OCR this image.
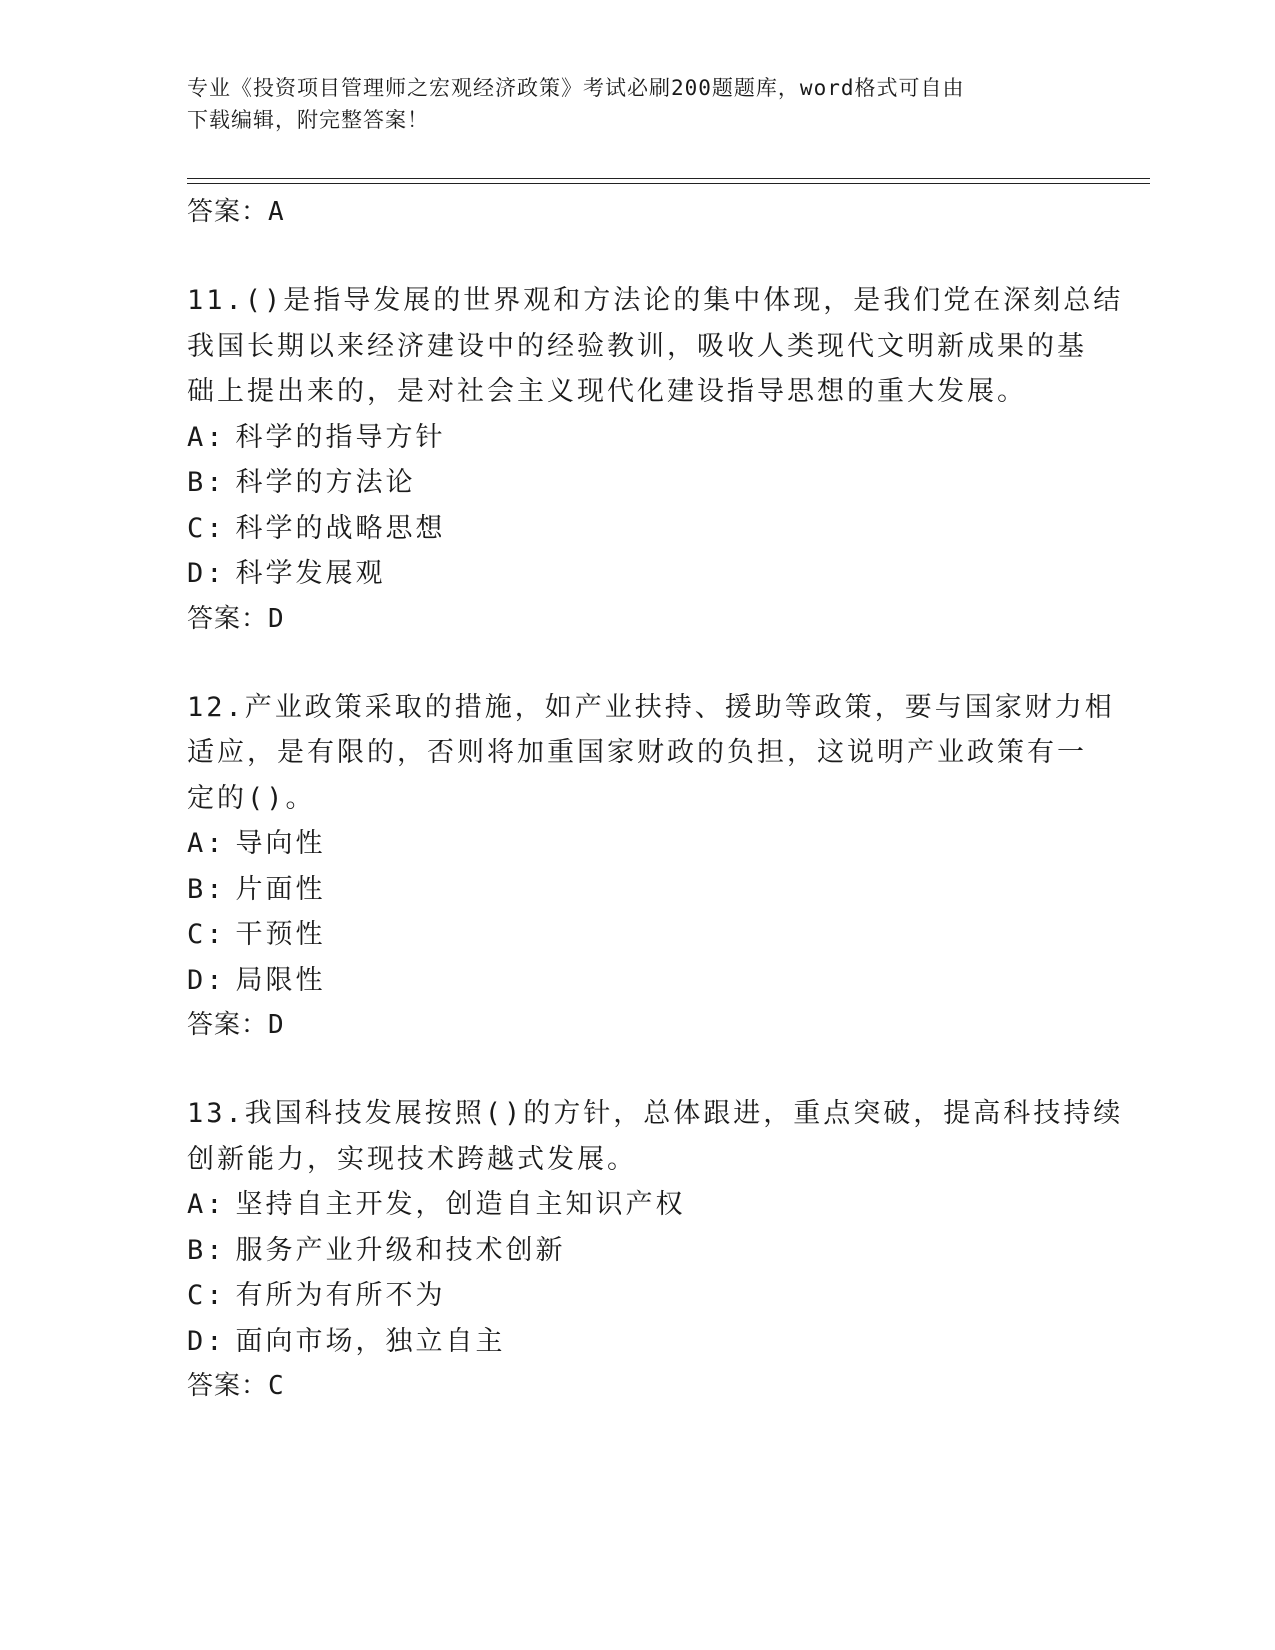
专业《投资项目管理师之宏观经济政策》考试必刷200题题库，word格式可自由
下载编辑，附完整答案！
答案：A
11.()是指导发展的世界观和方法论的集中体现，是我们党在深刻总结
我国长期以来经济建设中的经验教训，吸收人类现代文明新成果的基
础上提出来的，是对社会主义现代化建设指导思想的重大发展。
A: 科学的指导方针
B: 科学的方法论
C: 科学的战略思想
D: 科学发展观
答案：D
12.产业政策采取的措施，如产业扶持、援助等政策，要与国家财力相
适应，是有限的，否则将加重国家财政的负担，这说明产业政策有一
定的()。
A: 导向性
B: 片面性
C: 干预性
D: 局限性
答案：D
13.我国科技发展按照()的方针，总体跟进，重点突破，提高科技持续
创新能力，实现技术跨越式发展。
A: 坚持自主开发，创造自主知识产权
B: 服务产业升级和技术创新
C: 有所为有所不为
D: 面向市场，独立自主
答案：C
